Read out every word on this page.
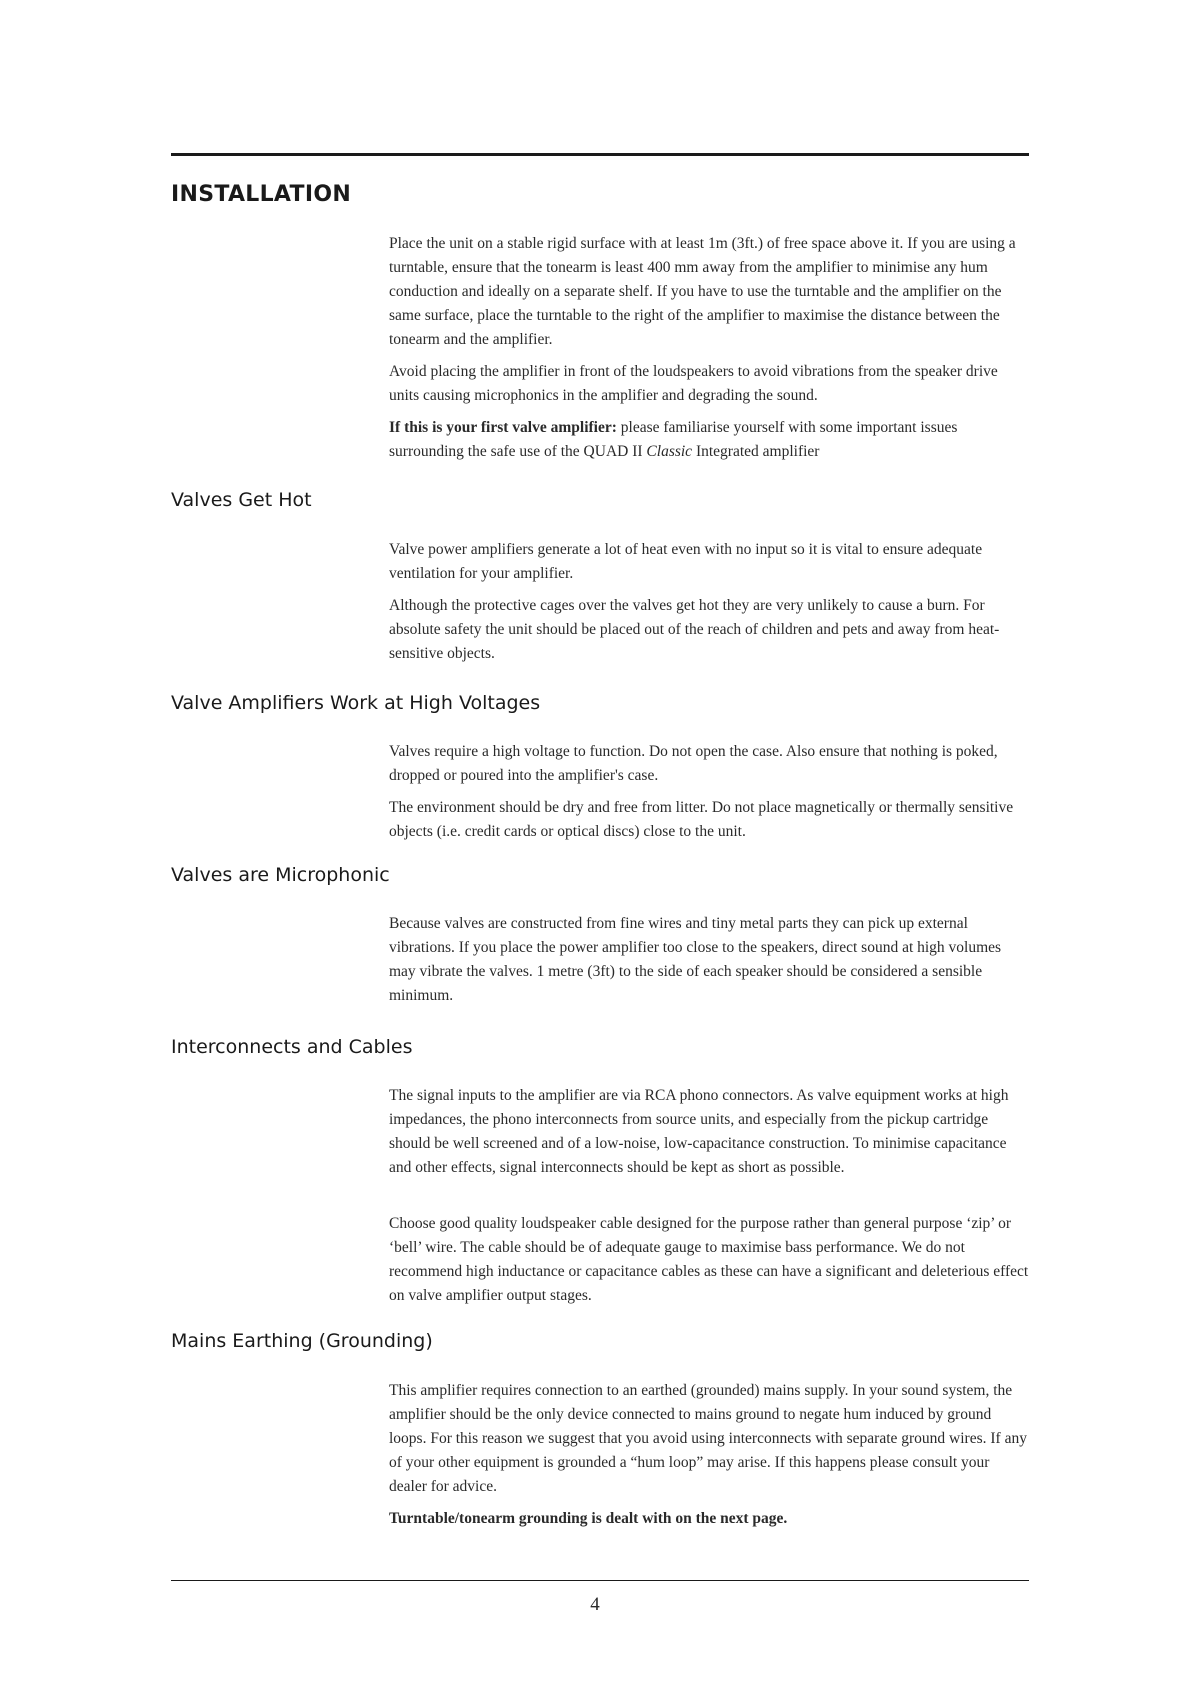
INSTALLATION

Place the unit on a stable rigid surface with at least 1m (3ft.) of free space above it. If you are using a turntable, ensure that the tonearm is least 400 mm away from the amplifier to minimise any hum conduction and ideally on a separate shelf. If you have to use the turntable and the amplifier on the same surface, place the turntable to the right of the amplifier to maximise the distance between the tonearm and the amplifier.

Avoid placing the amplifier in front of the loudspeakers to avoid vibrations from the speaker drive units causing microphonics in the amplifier and degrading the sound.

If this is your first valve amplifier: please familiarise yourself with some important issues surrounding the safe use of the QUAD II Classic Integrated amplifier

Valves Get Hot

Valve power amplifiers generate a lot of heat even with no input so it is vital to ensure adequate ventilation for your amplifier.

Although the protective cages over the valves get hot they are very unlikely to cause a burn. For absolute safety the unit should be placed out of the reach of children and pets and away from heat-sensitive objects.

Valve Amplifiers Work at High Voltages

Valves require a high voltage to function. Do not open the case. Also ensure that nothing is poked, dropped or poured into the amplifier's case.

The environment should be dry and free from litter. Do not place magnetically or thermally sensitive objects (i.e. credit cards or optical discs) close to the unit.

Valves are Microphonic

Because valves are constructed from fine wires and tiny metal parts they can pick up external vibrations. If you place the power amplifier too close to the speakers, direct sound at high volumes may vibrate the valves. 1 metre (3ft) to the side of each speaker should be considered a sensible minimum.

Interconnects and Cables

The signal inputs to the amplifier are via RCA phono connectors. As valve equipment works at high impedances, the phono interconnects from source units, and especially from the pickup cartridge should be well screened and of a low-noise, low-capacitance construction. To minimise capacitance and other effects, signal interconnects should be kept as short as possible.

Choose good quality loudspeaker cable designed for the purpose rather than general purpose ‘zip’ or ‘bell’ wire. The cable should be of adequate gauge to maximise bass performance. We do not recommend high inductance or capacitance cables as these can have a significant and deleterious effect on valve amplifier output stages.

Mains Earthing (Grounding)

This amplifier requires connection to an earthed (grounded) mains supply. In your sound system, the amplifier should be the only device connected to mains ground to negate hum induced by ground loops. For this reason we suggest that you avoid using interconnects with separate ground wires. If any of your other equipment is grounded a “hum loop” may arise. If this happens please consult your dealer for advice.

Turntable/tonearm grounding is dealt with on the next page.

4
